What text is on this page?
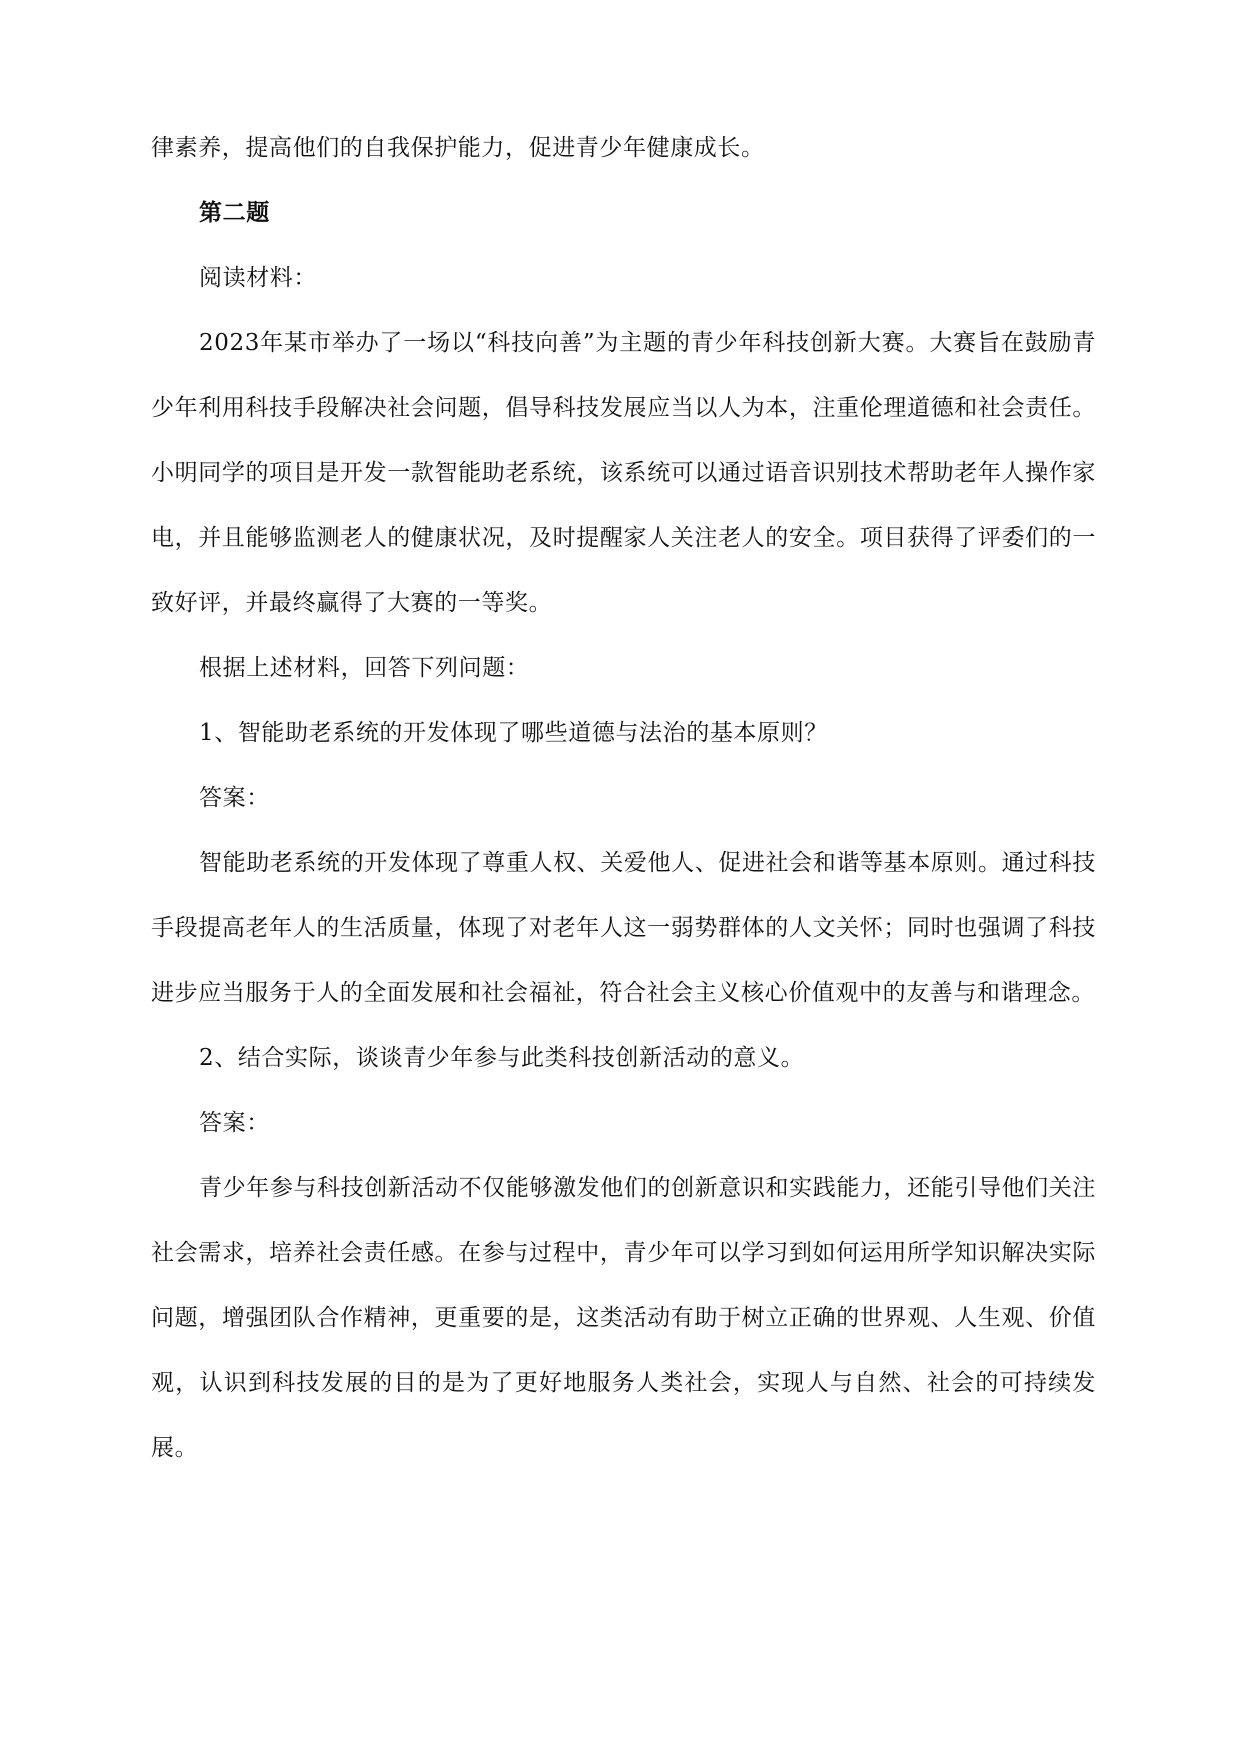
律素养，提高他们的自我保护能力，促进青少年健康成长。

第二题

阅读材料：

2023年某市举办了一场以“科技向善”为主题的青少年科技创新大赛。大赛旨在鼓励青少年利用科技手段解决社会问题，倡导科技发展应当以人为本，注重伦理道德和社会责任。小明同学的项目是开发一款智能助老系统，该系统可以通过语音识别技术帮助老年人操作家电，并且能够监测老人的健康状况，及时提醒家人关注老人的安全。项目获得了评委们的一致好评，并最终赢得了大赛的一等奖。

根据上述材料，回答下列问题：

1、智能助老系统的开发体现了哪些道德与法治的基本原则？

答案：

智能助老系统的开发体现了尊重人权、关爱他人、促进社会和谐等基本原则。通过科技手段提高老年人的生活质量，体现了对老年人这一弱势群体的人文关怀；同时也强调了科技进步应当服务于人的全面发展和社会福祉，符合社会主义核心价值观中的友善与和谐理念。

2、结合实际，谈谈青少年参与此类科技创新活动的意义。

答案：

青少年参与科技创新活动不仅能够激发他们的创新意识和实践能力，还能引导他们关注社会需求，培养社会责任感。在参与过程中，青少年可以学习到如何运用所学知识解决实际问题，增强团队合作精神，更重要的是，这类活动有助于树立正确的世界观、人生观、价值观，认识到科技发展的目的是为了更好地服务人类社会，实现人与自然、社会的可持续发展。
